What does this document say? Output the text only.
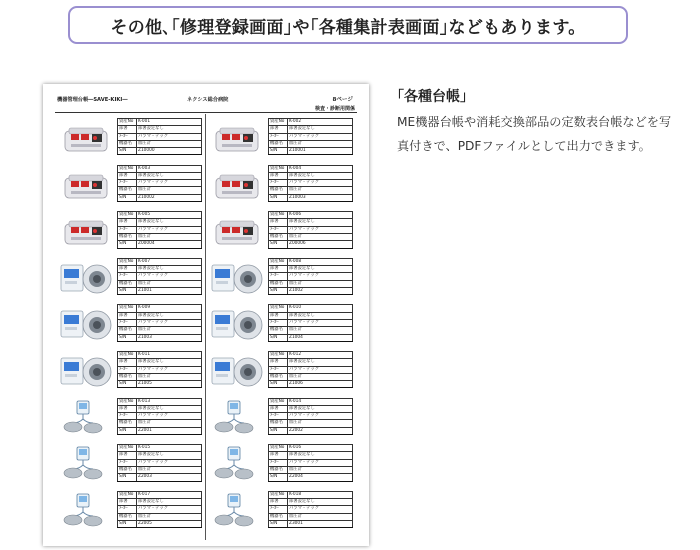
その他､｢修理登録画面｣や｢各種集計表画面｣などもあります。
機器管理台帳―SAVE-KIKI―	ネクシス総合病院	8ページ
検査・診断用関係
資産No	K-001
部署	部署設定なし
ﾒｰｶｰ	パラマ・テック
機器名	血圧計
S/N	Z10000
資産No	K-002
部署	部署設定なし
ﾒｰｶｰ	パラマ・テック
機器名	血圧計
S/N	Z10001
資産No	K-003
部署	部署設定なし
ﾒｰｶｰ	パラマ・テック
機器名	血圧計
S/N	Z10002
資産No	K-004
部署	部署設定なし
ﾒｰｶｰ	パラマ・テック
機器名	血圧計
S/N	Z10003
資産No	K-005
部署	部署設定なし
ﾒｰｶｰ	パラマ・テック
機器名	血圧計
S/N	Z00004
資産No	K-006
部署	部署設定なし
ﾒｰｶｰ	パラマ・テック
機器名	血圧計
S/N	Z00006
資産No	K-007
部署	部署設定なし
ﾒｰｶｰ	パラマ・テック
機器名	血圧計
S/N	Z1001
資産No	K-008
部署	部署設定なし
ﾒｰｶｰ	パラマ・テック
機器名	血圧計
S/N	Z1002
資産No	K-009
部署	部署設定なし
ﾒｰｶｰ	パラマ・テック
機器名	血圧計
S/N	Z1003
資産No	K-010
部署	部署設定なし
ﾒｰｶｰ	パラマ・テック
機器名	血圧計
S/N	Z1004
資産No	K-011
部署	部署設定なし
ﾒｰｶｰ	パラマ・テック
機器名	血圧計
S/N	Z1005
資産No	K-012
部署	部署設定なし
ﾒｰｶｰ	パラマ・テック
機器名	血圧計
S/N	Z1006
資産No	K-013
部署	部署設定なし
ﾒｰｶｰ	パラマ・テック
機器名	血圧計
S/N	Z2001
資産No	K-014
部署	部署設定なし
ﾒｰｶｰ	パラマ・テック
機器名	血圧計
S/N	Z2002
資産No	K-015
部署	部署設定なし
ﾒｰｶｰ	パラマ・テック
機器名	血圧計
S/N	Z2003
資産No	K-016
部署	部署設定なし
ﾒｰｶｰ	パラマ・テック
機器名	血圧計
S/N	Z2004
資産No	K-017
部署	部署設定なし
ﾒｰｶｰ	パラマ・テック
機器名	血圧計
S/N	Z2005
資産No	K-018
部署	部署設定なし
ﾒｰｶｰ	パラマ・テック
機器名	血圧計
S/N	Z3001
｢各種台帳｣
ME機器台帳や消耗交換部品の定数表台帳などを写真付きで、PDFファイルとして出力できます。
